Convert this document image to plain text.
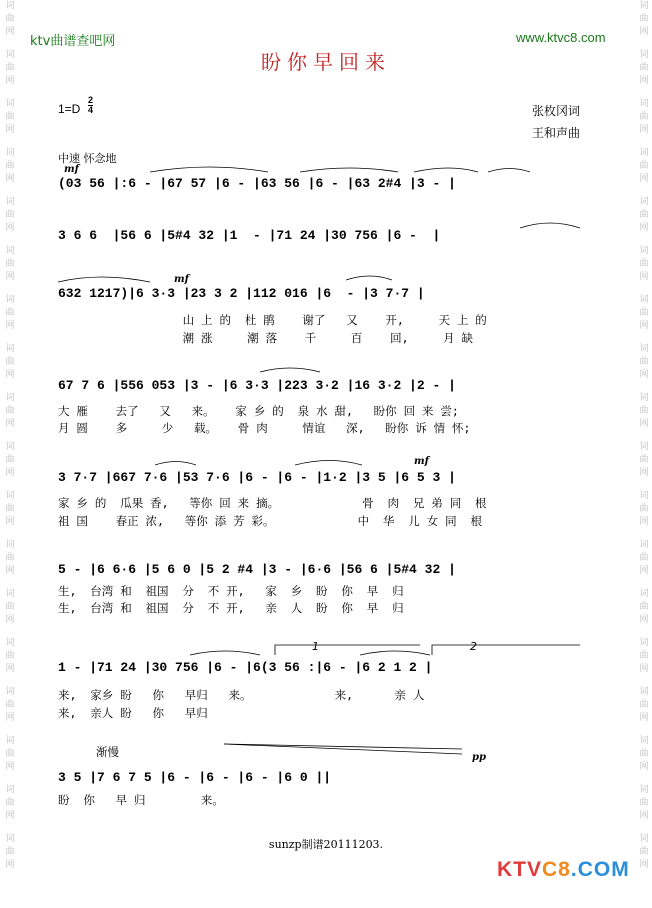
词
曲
网
词
曲
网
词
曲
网
词
曲
网
词
曲
网
词
曲
网
词
曲
网
词
曲
网
词
曲
网
词
曲
网
词
曲
网
词
曲
网
词
曲
网
词
曲
网
词
曲
网
词
曲
网
词
曲
网
词
曲
网
词
曲
网
词
曲
网
词
曲
网
词
曲
网
词
曲
网
词
曲
网
词
曲
网
词
曲
网
词
曲
网
词
曲
网
词
曲
网
词
曲
网
词
曲
网
词
曲
网
词
曲
网
词
曲
网
词
曲
网
词
曲
网
ktv曲谱查吧网	www.ktvc8.com
盼你早回来
$1=D \frac{2}{4}$	张枚冈词
王和声曲
中速 怀念地
1	2
mf
mf
mf
pp
(03 56 |:6 - |67 57 |6 - |63 56 |6 - |63 2#4 |3 - |
3 6 6  |56 6 |5#4 32 |1  - |71 24 |30 756 |6 -  |
632 1217)|6 3·3 |23 3 2 |112 016 |6  - |3 7·7 |
山 上 的  杜 鹃    谢了   又    开,     天 上 的
潮 涨     潮 落    千     百    回,     月 缺
67 7 6 |556 053 |3 - |6 3·3 |223 3·2 |16 3·2 |2 - |
大 雁    去了   又   来。   家 乡 的  泉 水 甜,   盼你 回 来 尝;
月 圆    多     少   载。   骨 肉     情谊   深,   盼你 诉 情 怀;
3 7·7 |667 7·6 |53 7·6 |6 - |6 - |1·2 |3 5 |6 5 3 |
家 乡 的  瓜果 香,   等你 回 来 摘。            骨  肉  兄 弟 同  根
祖 国    春正 浓,   等你 添 芳 彩。            中  华  儿 女 同  根
5 - |6 6·6 |5 6 0 |5 2 #4 |3 - |6·6 |56 6 |5#4 32 |
生,  台湾 和  祖国  分  不 开,   家  乡  盼  你  早  归
生,  台湾 和  祖国  分  不 开,   亲  人  盼  你  早  归
1 - |71 24 |30 756 |6 - |6(3 56 :|6 - |6 2 1 2 |
来,  家乡 盼   你   早归   来。            来,      亲 人
来,  亲人 盼   你   早归
渐慢
3 5 |7 6 7 5 |6 - |6 - |6 - |6 0 ||
盼  你   早 归        来。
sunzp制谱20111203.
KTVC8.COM
